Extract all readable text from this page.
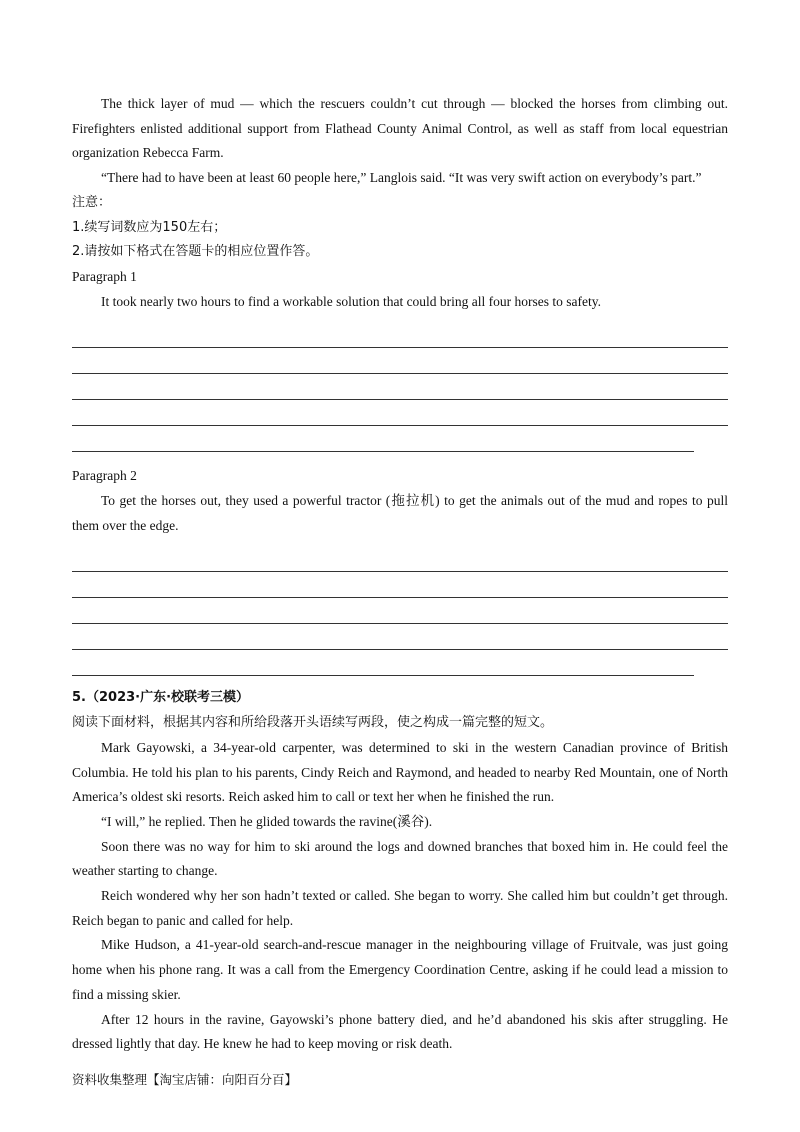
The thick layer of mud — which the rescuers couldn’t cut through — blocked the horses from climbing out. Firefighters enlisted additional support from Flathead County Animal Control, as well as staff from local equestrian organization Rebecca Farm.

“There had to have been at least 60 people here,” Langlois said. “It was very swift action on everybody’s part.”

注意：
1.续写词数应为150左右；
2.请按如下格式在答题卡的相应位置作答。
Paragraph 1

It took nearly two hours to find a workable solution that could bring all four horses to safety.

Paragraph 2

To get the horses out, they used a powerful tractor (拖拉机) to get the animals out of the mud and ropes to pull them over the edge.

5.（2023·广东·校联考三模）
阅读下面材料，根据其内容和所给段落开头语续写两段，使之构成一篇完整的短文。

Mark Gayowski, a 34-year-old carpenter, was determined to ski in the western Canadian province of British Columbia. He told his plan to his parents, Cindy Reich and Raymond, and headed to nearby Red Mountain, one of North America’s oldest ski resorts. Reich asked him to call or text her when he finished the run.

“I will,” he replied. Then he glided towards the ravine(溪谷).

Soon there was no way for him to ski around the logs and downed branches that boxed him in. He could feel the weather starting to change.

Reich wondered why her son hadn’t texted or called. She began to worry. She called him but couldn’t get through. Reich began to panic and called for help.

Mike Hudson, a 41-year-old search-and-rescue manager in the neighbouring village of Fruitvale, was just going home when his phone rang. It was a call from the Emergency Coordination Centre, asking if he could lead a mission to find a missing skier.

After 12 hours in the ravine, Gayowski’s phone battery died, and he’d abandoned his skis after struggling. He dressed lightly that day. He knew he had to keep moving or risk death.

资料收集整理【淘宝店铺：向阳百分百】
